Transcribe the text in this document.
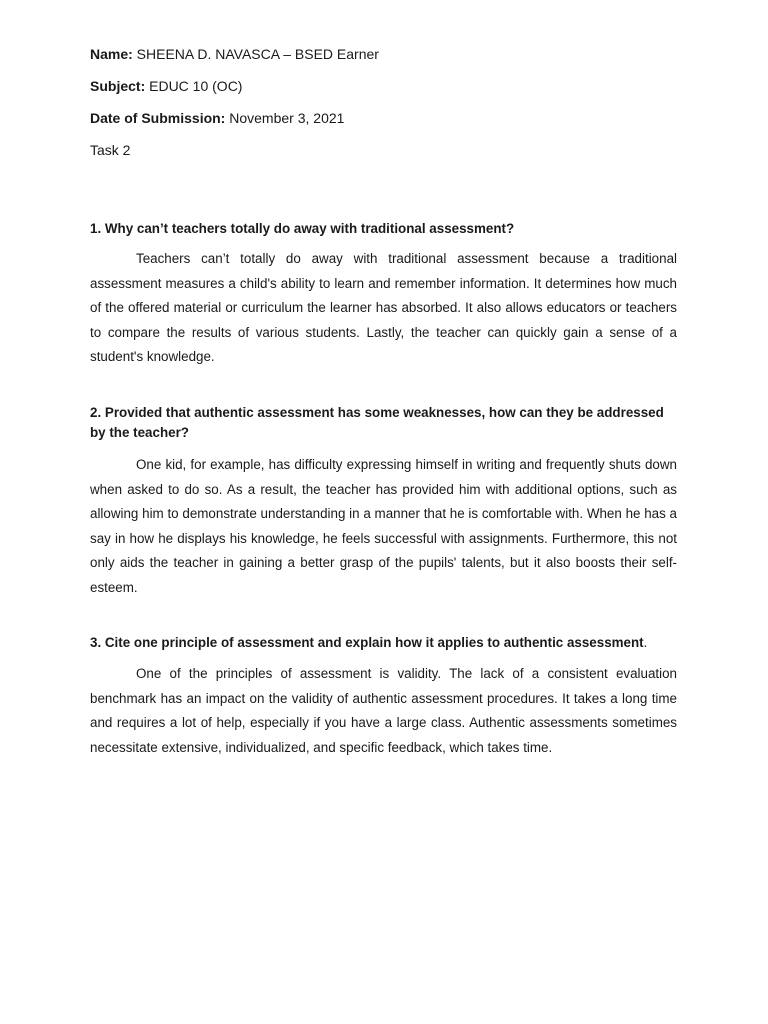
Name: SHEENA D. NAVASCA – BSED Earner
Subject: EDUC 10 (OC)
Date of Submission: November 3, 2021
Task 2
1. Why can’t teachers totally do away with traditional assessment?

Teachers can’t totally do away with traditional assessment because a traditional assessment measures a child's ability to learn and remember information. It determines how much of the offered material or curriculum the learner has absorbed. It also allows educators or teachers to compare the results of various students. Lastly, the teacher can quickly gain a sense of a student's knowledge.

2. Provided that authentic assessment has some weaknesses, how can they be addressed by the teacher?

One kid, for example, has difficulty expressing himself in writing and frequently shuts down when asked to do so. As a result, the teacher has provided him with additional options, such as allowing him to demonstrate understanding in a manner that he is comfortable with. When he has a say in how he displays his knowledge, he feels successful with assignments. Furthermore, this not only aids the teacher in gaining a better grasp of the pupils' talents, but it also boosts their self-esteem.

3. Cite one principle of assessment and explain how it applies to authentic assessment.

One of the principles of assessment is validity. The lack of a consistent evaluation benchmark has an impact on the validity of authentic assessment procedures. It takes a long time and requires a lot of help, especially if you have a large class. Authentic assessments sometimes necessitate extensive, individualized, and specific feedback, which takes time.
